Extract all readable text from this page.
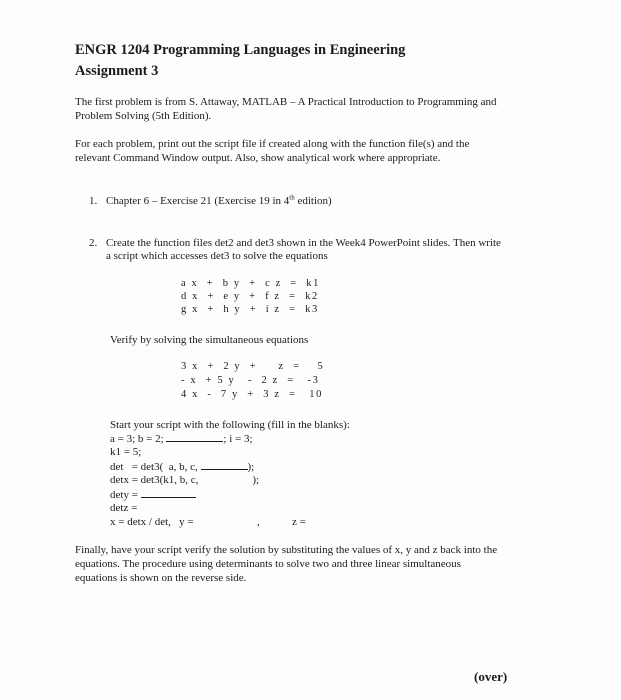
ENGR 1204 Programming Languages in Engineering
Assignment 3
The first problem is from S. Attaway, MATLAB – A Practical Introduction to Programming and
Problem Solving (5th Edition).
For each problem, print out the script file if created along with the function file(s) and the
relevant Command Window output. Also, show analytical work where appropriate.
1. Chapter 6 – Exercise 21 (Exercise 19 in 4th edition)
2. Create the function files det2 and det3 shown in the Week4 PowerPoint slides. Then write
a script which accesses det3 to solve the equations
a x  +  b y  +  c z  =  k1
d x  +  e y  +  f z  =  k2
g x  +  h y  +  i z  =  k3
Verify by solving the simultaneous equations
3 x  +  2 y  +     z  =    5
- x  + 5 y   -  2 z  =   -3
4 x  -  7 y  +  3 z  =   10
Start your script with the following (fill in the blanks):
a = 3; b = 2;	; i = 3;
k1 = 5;
det   = det3(  a, b, c,	);
detx = det3(k1, b, c,	);
dety =
detz =
x = detx / det,   y =	,	z =
Finally, have your script verify the solution by substituting the values of x, y and z back into the
equations. The procedure using determinants to solve two and three linear simultaneous
equations is shown on the reverse side.
(over)
